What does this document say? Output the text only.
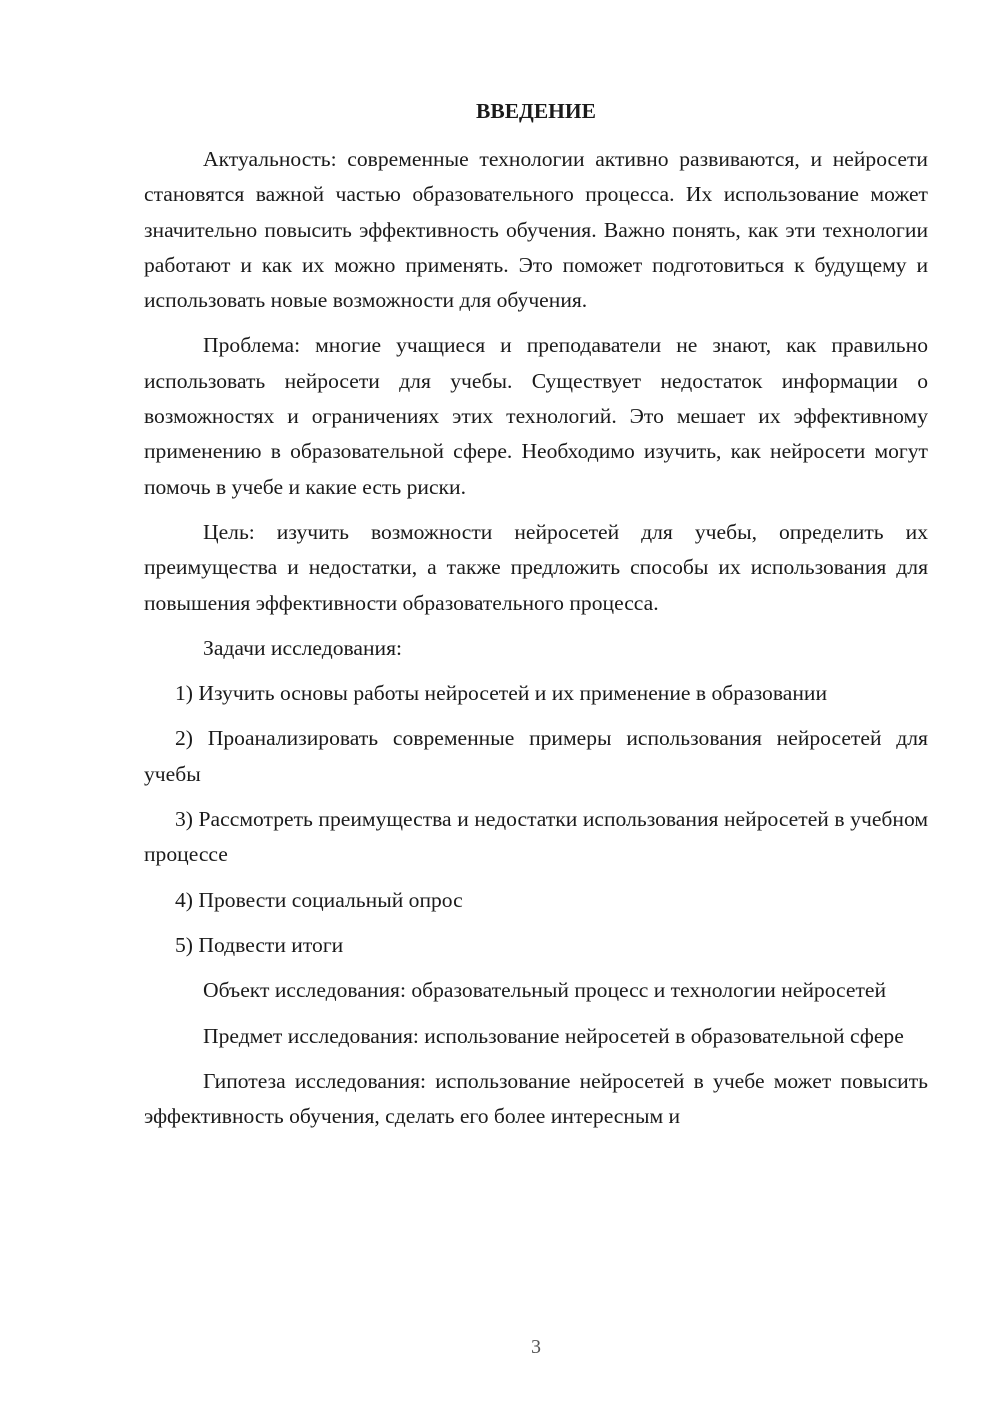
ВВЕДЕНИЕ

Актуальность: современные технологии активно развиваются, и нейросети становятся важной частью образовательного процесса. Их использование может значительно повысить эффективность обучения. Важно понять, как эти технологии работают и как их можно применять. Это поможет подготовиться к будущему и использовать новые возможности для обучения.

Проблема: многие учащиеся и преподаватели не знают, как правильно использовать нейросети для учебы. Существует недостаток информации о возможностях и ограничениях этих технологий. Это мешает их эффективному применению в образовательной сфере. Необходимо изучить, как нейросети могут помочь в учебе и какие есть риски.

Цель: изучить возможности нейросетей для учебы, определить их преимущества и недостатки, а также предложить способы их использования для повышения эффективности образовательного процесса.

Задачи исследования:

1) Изучить основы работы нейросетей и их применение в образовании

2) Проанализировать современные примеры использования нейросетей для учебы

3) Рассмотреть преимущества и недостатки использования нейросетей в учебном процессе

4) Провести социальный опрос

5) Подвести итоги

Объект исследования: образовательный процесс и технологии нейросетей

Предмет исследования: использование нейросетей в образовательной сфере

Гипотеза исследования: использование нейросетей в учебе может повысить эффективность обучения, сделать его более интересным и

3
